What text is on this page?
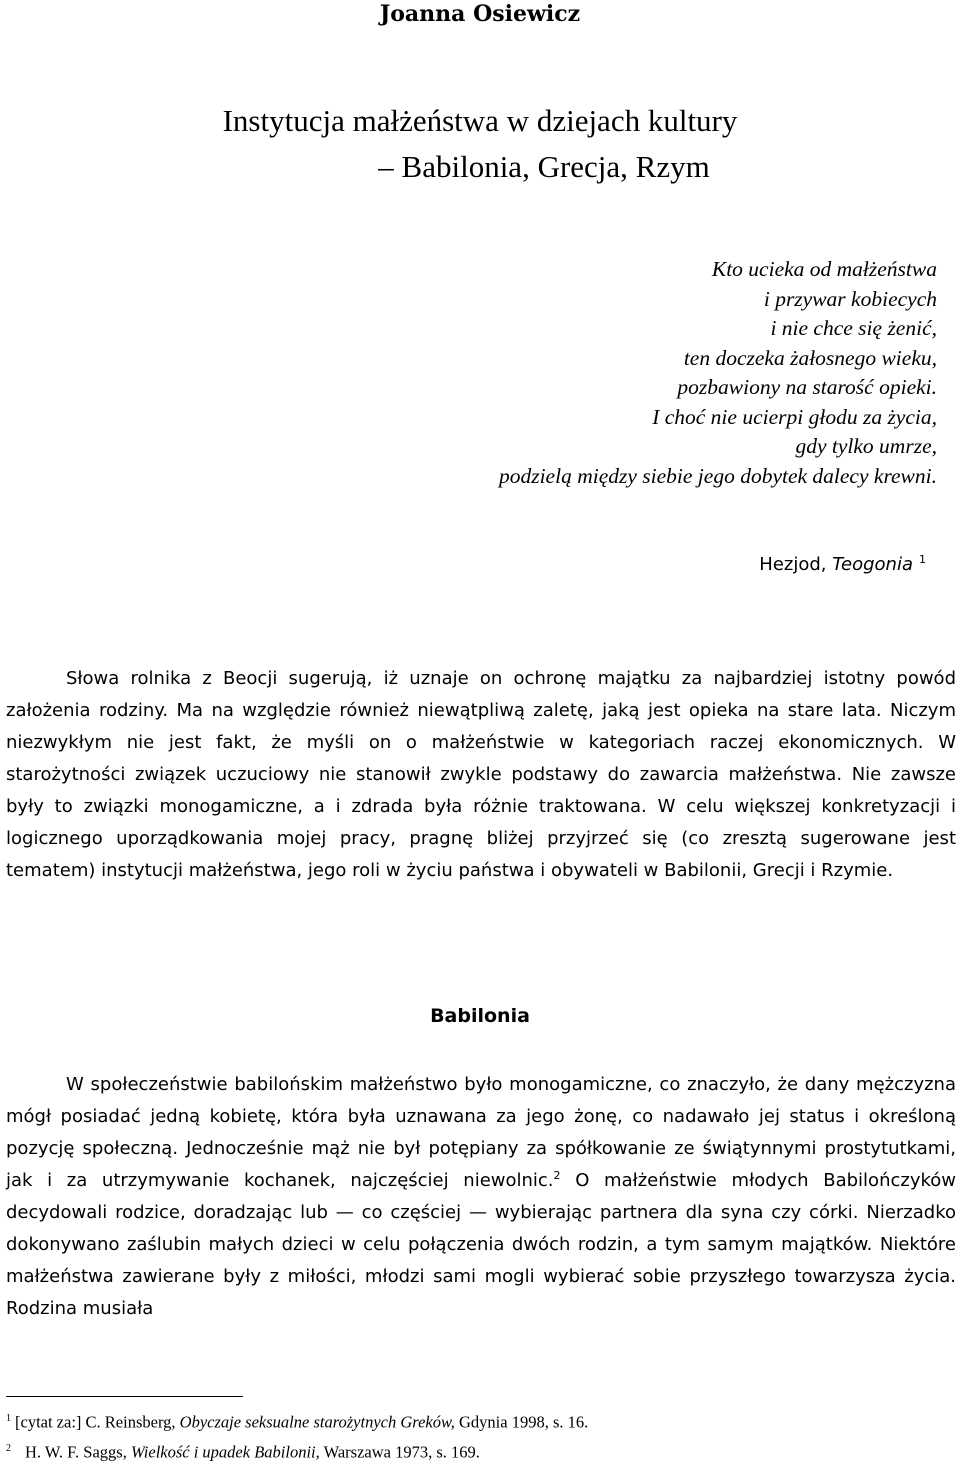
Joanna Osiewicz
Instytucja małżeństwa w dziejach kultury
– Babilonia, Grecja, Rzym
Kto ucieka od małżeństwa
i przywar kobiecych
i nie chce się żenić,
ten doczeka żałosnego wieku,
pozbawiony na starość opieki.
I choć nie ucierpi głodu za życia,
gdy tylko umrze,
podzielą między siebie jego dobytek dalecy krewni.
Hezjod, Teogonia $^1$

Słowa rolnika z Beocji sugerują, iż uznaje on ochronę majątku za najbardziej istotny powód założenia rodziny. Ma na względzie również niewątpliwą zaletę, jaką jest opieka na stare lata. Niczym niezwykłym nie jest fakt, że myśli on o małżeństwie w kategoriach raczej ekonomicznych. W starożytności związek uczuciowy nie stanowił zwykle podstawy do zawarcia małżeństwa. Nie zawsze były to związki monogamiczne, a i zdrada była różnie traktowana. W celu większej konkretyzacji i logicznego uporządkowania mojej pracy, pragnę bliżej przyjrzeć się (co zresztą sugerowane jest tematem) instytucji małżeństwa, jego roli w życiu państwa i obywateli w Babilonii, Grecji i Rzymie.

Babilonia

W społeczeństwie babilońskim małżeństwo było monogamiczne, co znaczyło, że dany mężczyzna mógł posiadać jedną kobietę, która była uznawana za jego żonę, co nadawało jej status i określoną pozycję społeczną. Jednocześnie mąż nie był potępiany za spółkowanie ze świątynnymi prostytutkami, jak i za utrzymywanie kochanek, najczęściej niewolnic.$^2$ O małżeństwie młodych Babilończyków decydowali rodzice, doradzając lub — co częściej — wybierając partnera dla syna czy córki. Nierzadko dokonywano zaślubin małych dzieci w celu połączenia dwóch rodzin, a tym samym majątków. Niektóre małżeństwa zawierane były z miłości, młodzi sami mogli wybierać sobie przyszłego towarzysza życia. Rodzina musiała

$^1$ [cytat za:] C. Reinsberg, Obyczaje seksualne starożytnych Greków, Gdynia 1998, s. 16.
$^2$ H. W. F. Saggs, Wielkość i upadek Babilonii, Warszawa 1973, s. 169.
